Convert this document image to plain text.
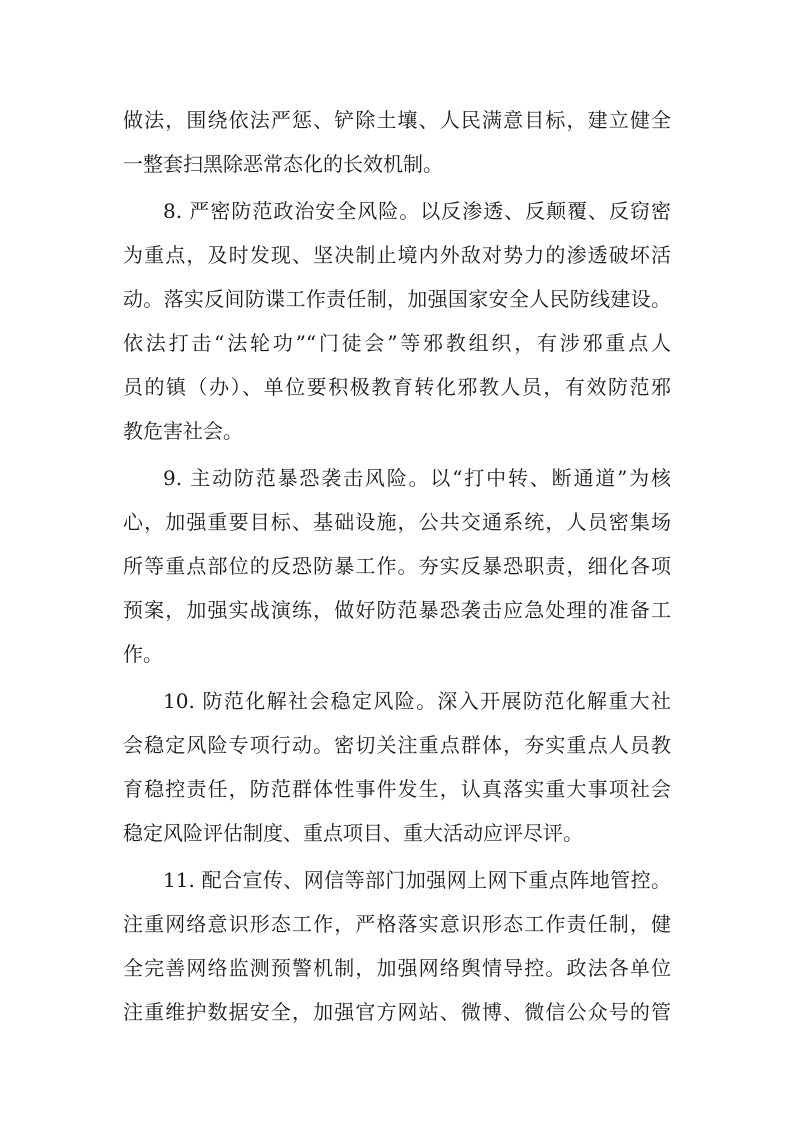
做法，围绕依法严惩、铲除土壤、人民满意目标，建立健全
一整套扫黑除恶常态化的长效机制。
8. 严密防范政治安全风险。以反渗透、反颠覆、反窃密
为重点，及时发现、坚决制止境内外敌对势力的渗透破坏活
动。落实反间防谍工作责任制，加强国家安全人民防线建设。
依法打击“法轮功”“门徒会”等邪教组织，有涉邪重点人
员的镇（办）、单位要积极教育转化邪教人员，有效防范邪
教危害社会。
9. 主动防范暴恐袭击风险。以“打中转、断通道”为核
心，加强重要目标、基础设施，公共交通系统，人员密集场
所等重点部位的反恐防暴工作。夯实反暴恐职责，细化各项
预案，加强实战演练，做好防范暴恐袭击应急处理的准备工
作。
10. 防范化解社会稳定风险。深入开展防范化解重大社
会稳定风险专项行动。密切关注重点群体，夯实重点人员教
育稳控责任，防范群体性事件发生，认真落实重大事项社会
稳定风险评估制度、重点项目、重大活动应评尽评。
11. 配合宣传、网信等部门加强网上网下重点阵地管控。
注重网络意识形态工作，严格落实意识形态工作责任制，健
全完善网络监测预警机制，加强网络舆情导控。政法各单位
注重维护数据安全，加强官方网站、微博、微信公众号的管
